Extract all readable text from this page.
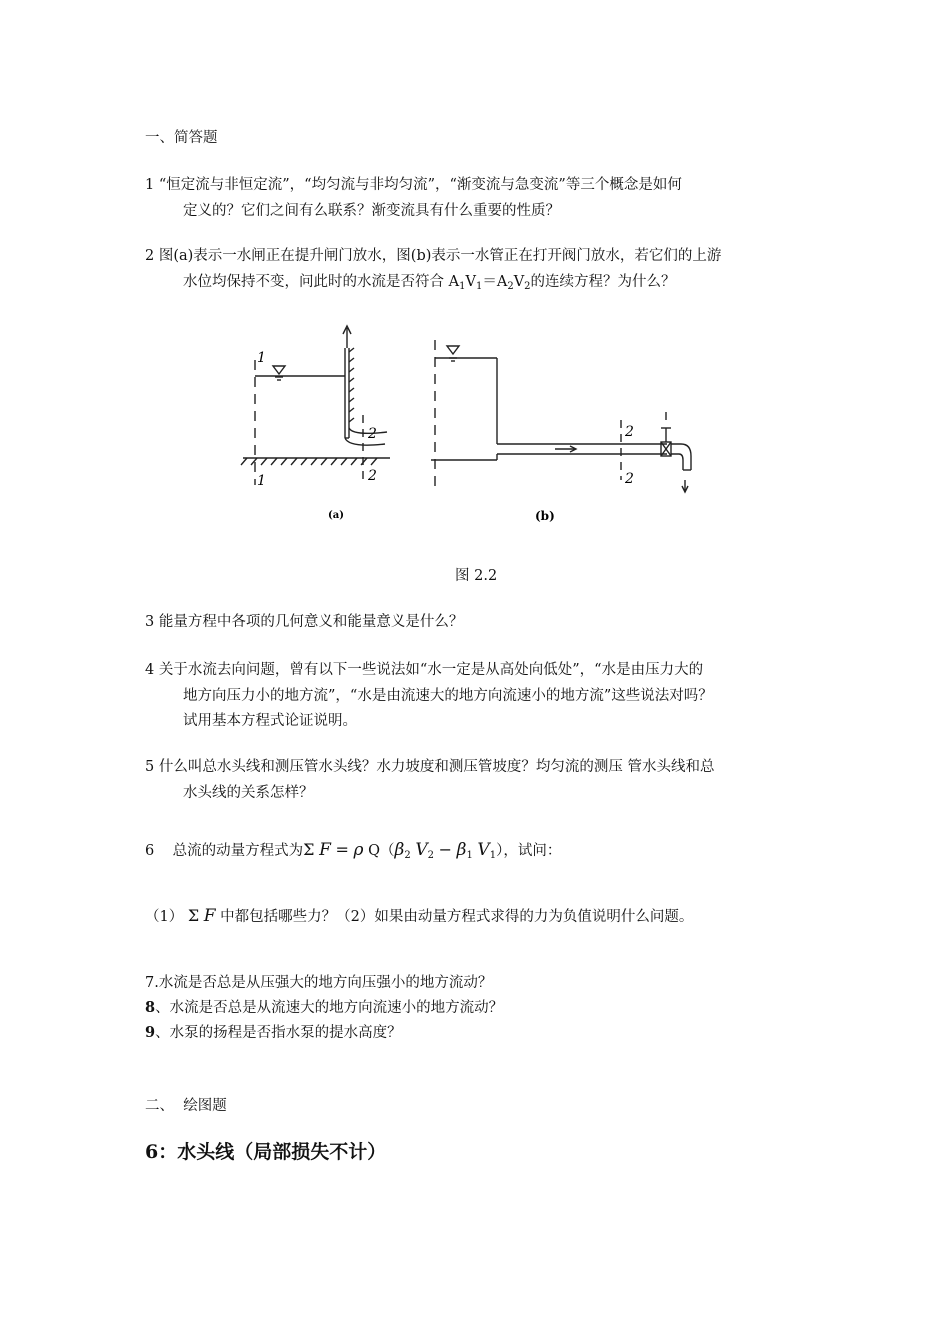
一、简答题
1 “恒定流与非恒定流”，“均匀流与非均匀流”，“渐变流与急变流”等三个概念是如何
定义的？它们之间有么联系？渐变流具有什么重要的性质？
2 图(a)表示一水闸正在提升闸门放水，图(b)表示一水管正在打开阀门放水，若它们的上游
水位均保持不变，问此时的水流是否符合 $A_1V_1=A_2V_2$的连续方程？为什么？
1
1
2
2
2
2
(a)	(b)
图 2.2
3 能量方程中各项的几何意义和能量意义是什么？
4 关于水流去向问题，曾有以下一些说法如“水一定是从高处向低处”，“水是由压力大的
地方向压力小的地方流”，“水是由流速大的地方向流速小的地方流”这些说法对吗？
试用基本方程式论证说明。
5 什么叫总水头线和测压管水头线？水力坡度和测压管坡度？均匀流的测压 管水头线和总
水头线的关系怎样？
6 总流的动量方程式为Σ F = ρ $Q(\beta_2$ $V_2 - \beta_1$ $V_1$），试问：
（1） Σ F 中都包括哪些力？（2）如果由动量方程式求得的力为负值说明什么问题。
7.水流是否总是从压强大的地方向压强小的地方流动？
8、水流是否总是从流速大的地方向流速小的地方流动？
9、水泵的扬程是否指水泵的提水高度？
二、  绘图题
6：水头线（局部损失不计）
